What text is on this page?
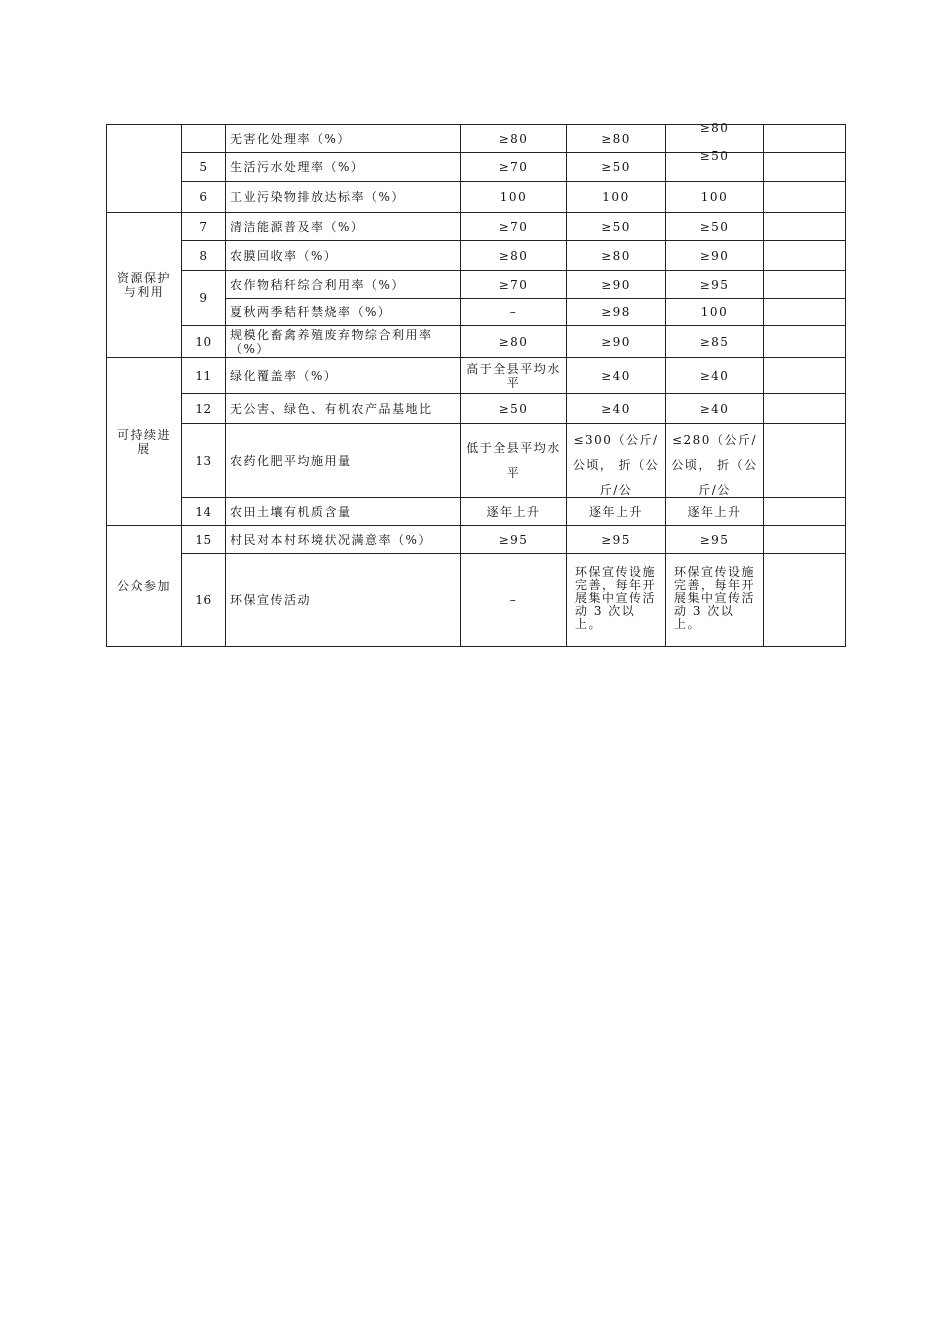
		无害化处理率（%）	≥80	≥80	≥80	

	5	生活污水处理率（%）	≥70	≥50	≥50	

	6	工业污染物排放达标率（%）	100	100	100	
资源保护与利用	7	清洁能源普及率（%）	≥70	≥50	≥50	
	8	农膜回收率（%）	≥80	≥80	≥90	
	9	农作物秸秆综合利用率（%）	≥70	≥90	≥95	
		夏秋两季秸秆禁烧率（%）	–	≥98	100	
	10	规模化畜禽养殖废弃物综合利用率（%）	≥80	≥90	≥85	
可持续进展	11	绿化覆盖率（%）	高于全县平均水平	≥40	≥40	
	12	无公害、绿色、有机农产品基地比	≥50	≥40	≥40	
	13	农药化肥平均施用量	低于全县平均水平	≤300（公斤/公顷， 折（公斤/公	≤280（公斤/公顷， 折（公斤/公	

	14	农田土壤有机质含量	逐年上升	逐年上升	逐年上升	
公众参加	15	村民对本村环境状况满意率（%）	≥95	≥95	≥95	
	16	环保宣传活动	–	环保宣传设施完善，每年开展集中宣传活动 3 次以上。	环保宣传设施完善，每年开展集中宣传活动 3 次以上。	
